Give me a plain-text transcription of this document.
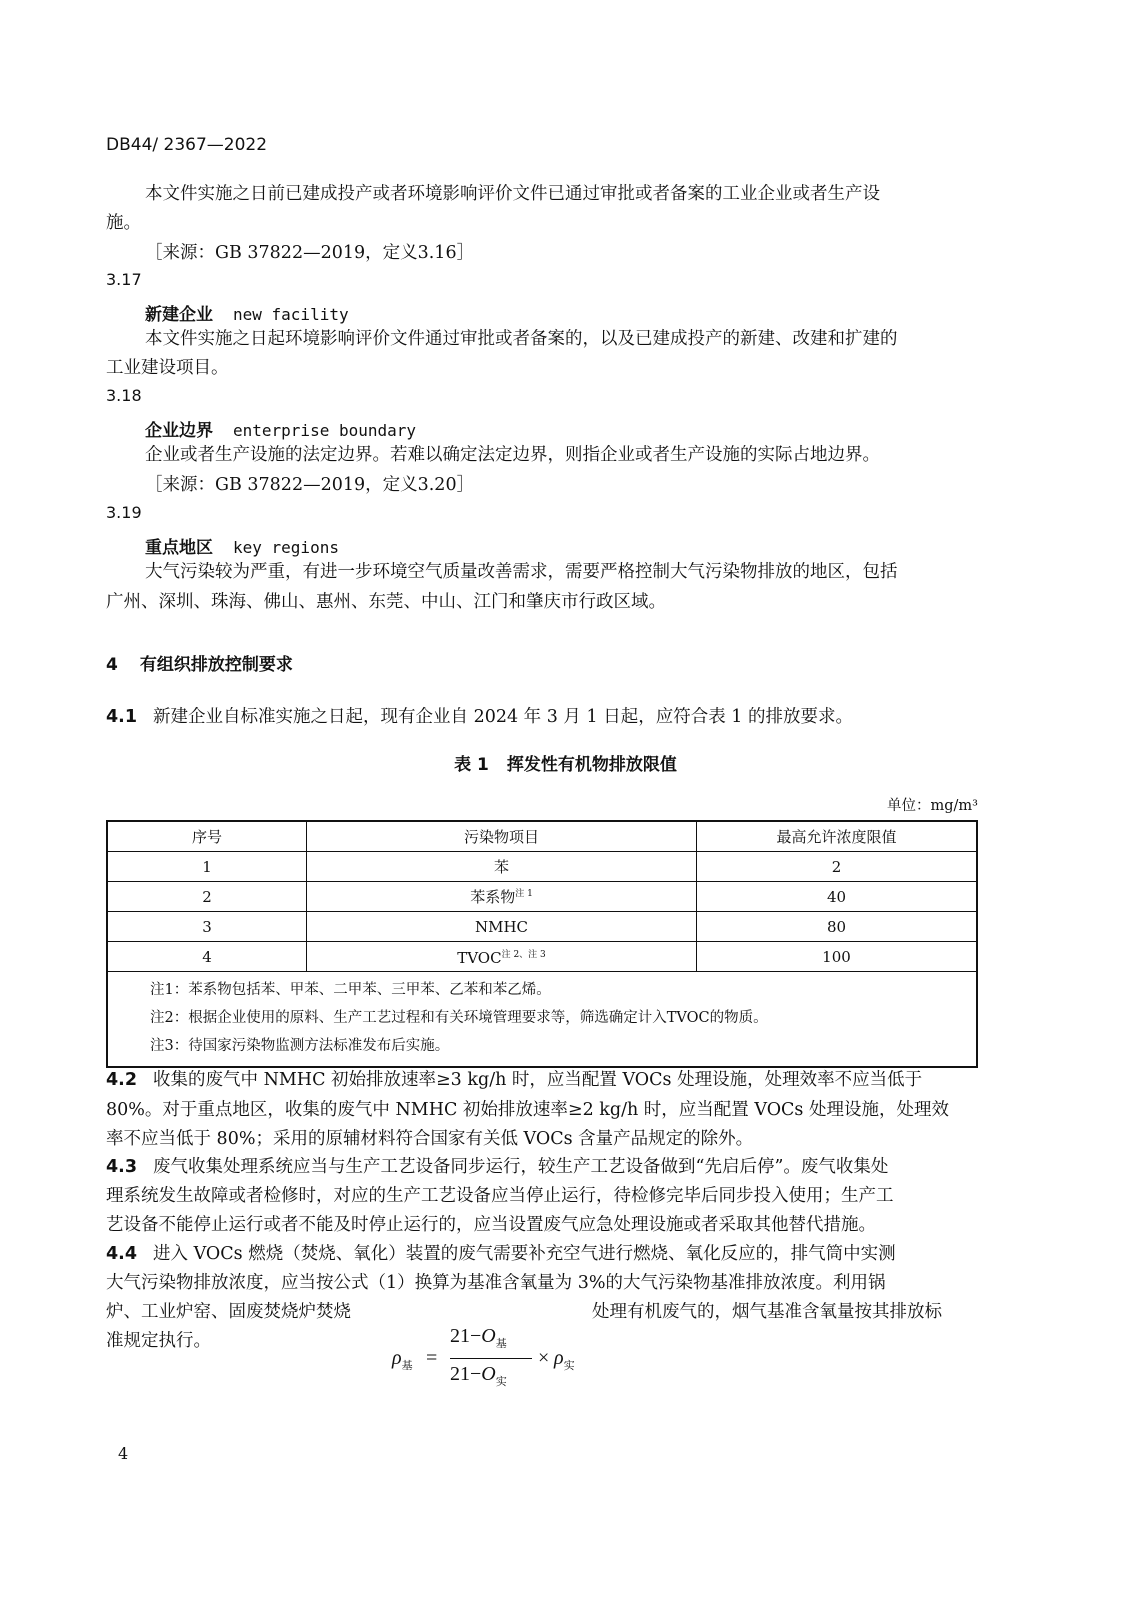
DB44/ 2367—2022
本文件实施之日前已建成投产或者环境影响评价文件已通过审批或者备案的工业企业或者生产设
施。
［来源：GB 37822—2019，定义3.16］
3.17
新建企业 new facility
本文件实施之日起环境影响评价文件通过审批或者备案的，以及已建成投产的新建、改建和扩建的
工业建设项目。
3.18
企业边界 enterprise boundary
企业或者生产设施的法定边界。若难以确定法定边界，则指企业或者生产设施的实际占地边界。
［来源：GB 37822—2019，定义3.20］
3.19
重点地区 key regions
大气污染较为严重，有进一步环境空气质量改善需求，需要严格控制大气污染物排放的地区，包括
广州、深圳、珠海、佛山、惠州、东莞、中山、江门和肇庆市行政区域。
4 有组织排放控制要求
4.1 新建企业自标准实施之日起，现有企业自 2024 年 3 月 1 日起，应符合表 1 的排放要求。
表 1 挥发性有机物排放限值
单位：mg/m³
序号	污染物项目	最高允许浓度限值
1	苯	2
2	苯系物$^{注 1}$	40
3	NMHC	80
4	$TVOC^{注 2、注 3}$	100

注1：苯系物包括苯、甲苯、二甲苯、三甲苯、乙苯和苯乙烯。
注2：根据企业使用的原料、生产工艺过程和有关环境管理要求等，筛选确定计入TVOC的物质。
注3：待国家污染物监测方法标准发布后实施。		
4.2 收集的废气中 NMHC 初始排放速率≥3 kg/h 时，应当配置 VOCs 处理设施，处理效率不应当低于
80%。对于重点地区，收集的废气中 NMHC 初始排放速率≥2 kg/h 时，应当配置 VOCs 处理设施，处理效
率不应当低于 80%；采用的原辅材料符合国家有关低 VOCs 含量产品规定的除外。
4.3 废气收集处理系统应当与生产工艺设备同步运行，较生产工艺设备做到“先启后停”。废气收集处
理系统发生故障或者检修时，对应的生产工艺设备应当停止运行，待检修完毕后同步投入使用；生产工
艺设备不能停止运行或者不能及时停止运行的，应当设置废气应急处理设施或者采取其他替代措施。
4.4 进入 VOCs 燃烧（焚烧、氧化）装置的废气需要补充空气进行燃烧、氧化反应的，排气筒中实测
大气污染物排放浓度，应当按公式（1）换算为基准含氧量为 3%的大气污染物基准排放浓度。利用锅
炉、工业炉窑、固废焚烧炉焚烧	处理有机废气的，烟气基准含氧量按其排放标
准规定执行。
$\rho_基$ =
$21-O_基$
$21-O_实$
× $\rho_实$
4
